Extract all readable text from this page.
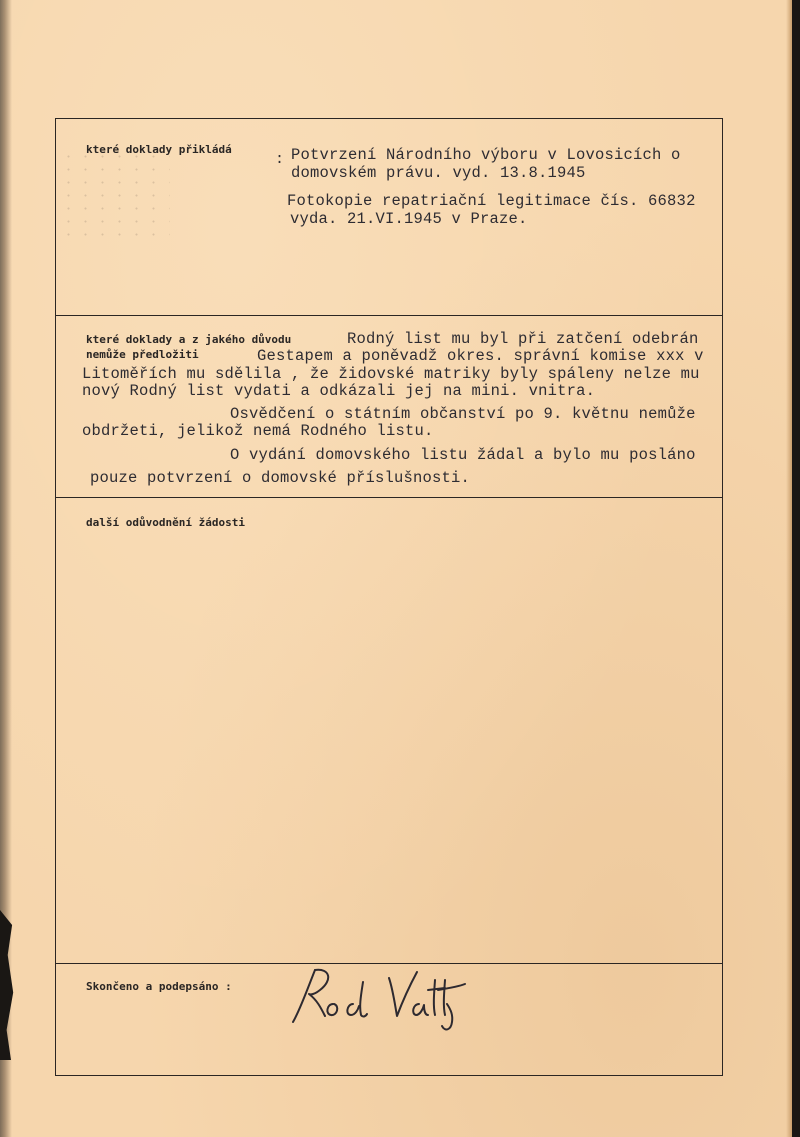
které doklady přikládá
: Potvrzení Národního výboru v Lovosicích o
domovském právu. vyd. 13.8.1945
Fotokopie repatriační legitimace čís. 66832
vyda. 21.VI.1945 v Praze.
které doklady a z jakého důvodu
nemůže předložiti
Rodný list mu byl při zatčení odebrán
Gestapem a poněvadž okres. správní komise xxx v
Litoměřích mu sdělila , že židovské matriky byly spáleny nelze mu
nový Rodný list vydati a odkázali jej na mini. vnitra.
Osvědčení o státním občanství po 9. květnu nemůže
obdržeti, jelikož nemá Rodného listu.
O vydání domovského listu žádal a bylo mu posláno
pouze potvrzení o domovské příslušnosti.
další odůvodnění žádosti
Skončeno a podepsáno :
